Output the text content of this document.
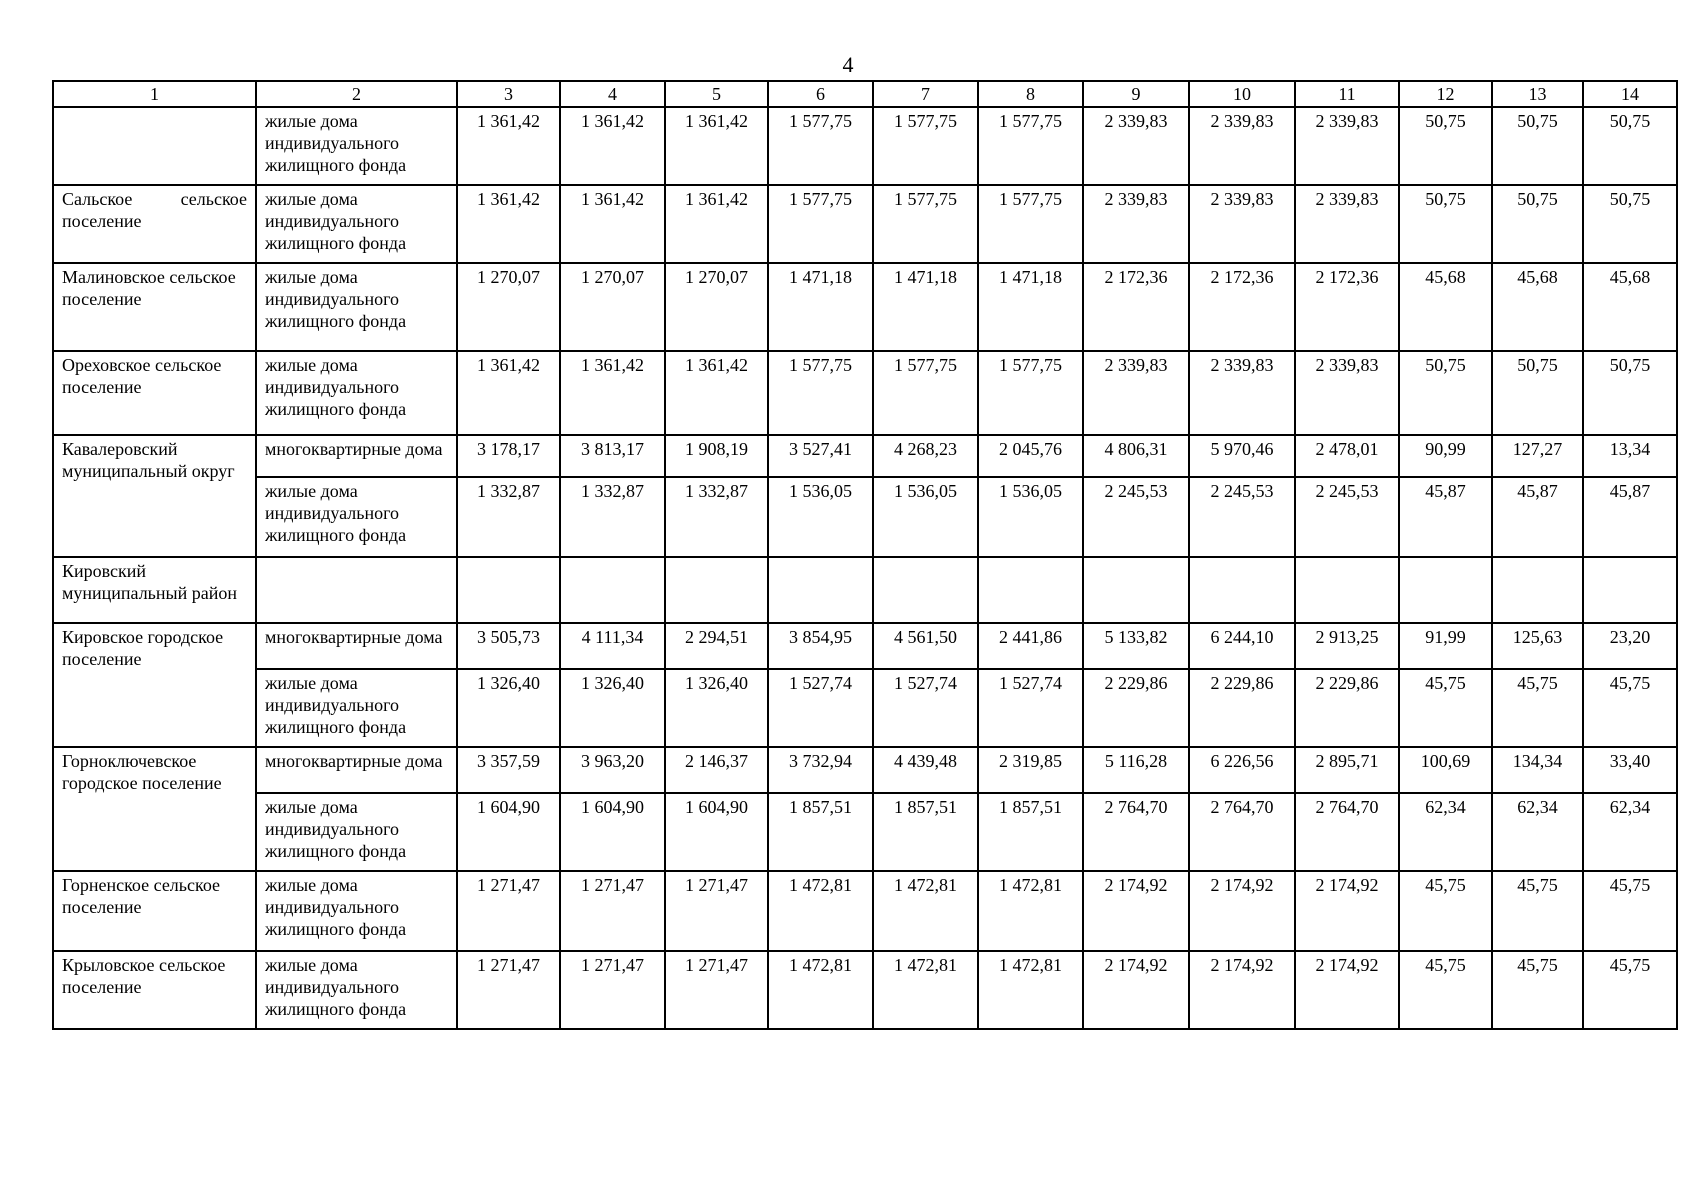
4
1	2	3	4	5	6	7	8	9	10	11	12	13	14
	жилые дома индивидуального жилищного фонда	1 361,42	1 361,42	1 361,42	1 577,75	1 577,75	1 577,75	2 339,83	2 339,83	2 339,83	50,75	50,75	50,75
Сальское сельское поселение	жилые дома индивидуального жилищного фонда	1 361,42	1 361,42	1 361,42	1 577,75	1 577,75	1 577,75	2 339,83	2 339,83	2 339,83	50,75	50,75	50,75
Малиновское сельское поселение	жилые дома индивидуального жилищного фонда	1 270,07	1 270,07	1 270,07	1 471,18	1 471,18	1 471,18	2 172,36	2 172,36	2 172,36	45,68	45,68	45,68
Ореховское сельское поселение	жилые дома индивидуального жилищного фонда	1 361,42	1 361,42	1 361,42	1 577,75	1 577,75	1 577,75	2 339,83	2 339,83	2 339,83	50,75	50,75	50,75
Кавалеровский муниципальный округ	многоквартирные дома	3 178,17	3 813,17	1 908,19	3 527,41	4 268,23	2 045,76	4 806,31	5 970,46	2 478,01	90,99	127,27	13,34
	жилые дома индивидуального жилищного фонда	1 332,87	1 332,87	1 332,87	1 536,05	1 536,05	1 536,05	2 245,53	2 245,53	2 245,53	45,87	45,87	45,87
Кировский муниципальный район													
Кировское городское поселение	многоквартирные дома	3 505,73	4 111,34	2 294,51	3 854,95	4 561,50	2 441,86	5 133,82	6 244,10	2 913,25	91,99	125,63	23,20
	жилые дома индивидуального жилищного фонда	1 326,40	1 326,40	1 326,40	1 527,74	1 527,74	1 527,74	2 229,86	2 229,86	2 229,86	45,75	45,75	45,75
Горноключевское городское поселение	многоквартирные дома	3 357,59	3 963,20	2 146,37	3 732,94	4 439,48	2 319,85	5 116,28	6 226,56	2 895,71	100,69	134,34	33,40
	жилые дома индивидуального жилищного фонда	1 604,90	1 604,90	1 604,90	1 857,51	1 857,51	1 857,51	2 764,70	2 764,70	2 764,70	62,34	62,34	62,34
Горненское сельское поселение	жилые дома индивидуального жилищного фонда	1 271,47	1 271,47	1 271,47	1 472,81	1 472,81	1 472,81	2 174,92	2 174,92	2 174,92	45,75	45,75	45,75
Крыловское сельское поселение	жилые дома индивидуального жилищного фонда	1 271,47	1 271,47	1 271,47	1 472,81	1 472,81	1 472,81	2 174,92	2 174,92	2 174,92	45,75	45,75	45,75
